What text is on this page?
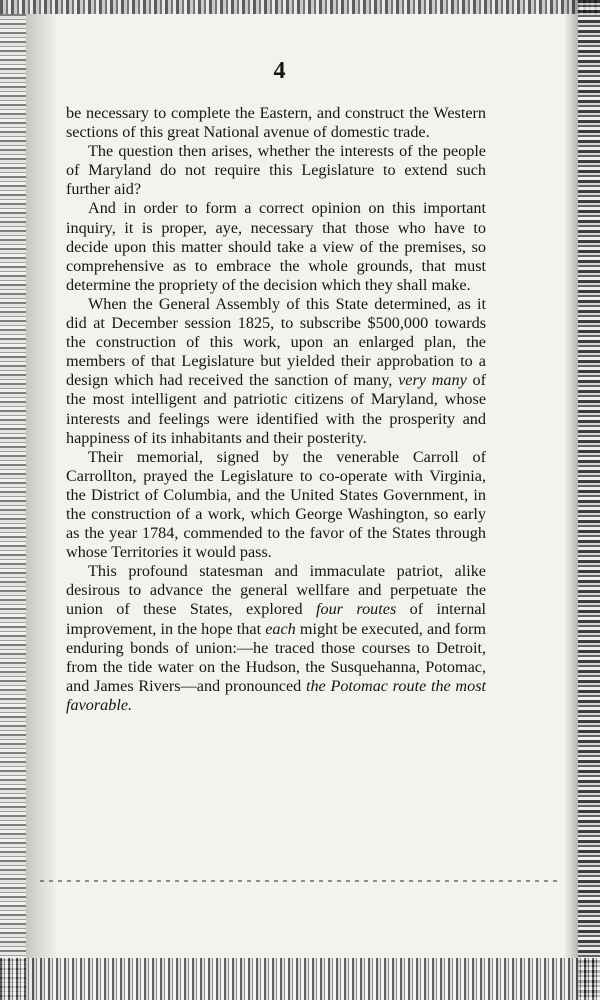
4

be necessary to complete the Eastern, and construct the Western sections of this great National avenue of domestic trade.

The question then arises, whether the interests of the people of Maryland do not require this Legislature to extend such further aid?

And in order to form a correct opinion on this important inquiry, it is proper, aye, necessary that those who have to decide upon this matter should take a view of the premises, so comprehensive as to embrace the whole grounds, that must determine the propriety of the decision which they shall make.

When the General Assembly of this State determined, as it did at December session 1825, to subscribe $500,000 towards the construction of this work, upon an enlarged plan, the members of that Legislature but yielded their approbation to a design which had received the sanction of many, very many of the most intelligent and patriotic citizens of Maryland, whose interests and feelings were identified with the prosperity and happiness of its inhabitants and their posterity.

Their memorial, signed by the venerable Carroll of Carrollton, prayed the Legislature to co-operate with Virginia, the District of Columbia, and the United States Government, in the construction of a work, which George Washington, so early as the year 1784, commended to the favor of the States through whose Territories it would pass.

This profound statesman and immaculate patriot, alike desirous to advance the general wellfare and perpetuate the union of these States, explored four routes of internal improvement, in the hope that each might be executed, and form enduring bonds of union:—he traced those courses to Detroit, from the tide water on the Hudson, the Susquehanna, Potomac, and James Rivers—and pronounced the Potomac route the most favorable.
